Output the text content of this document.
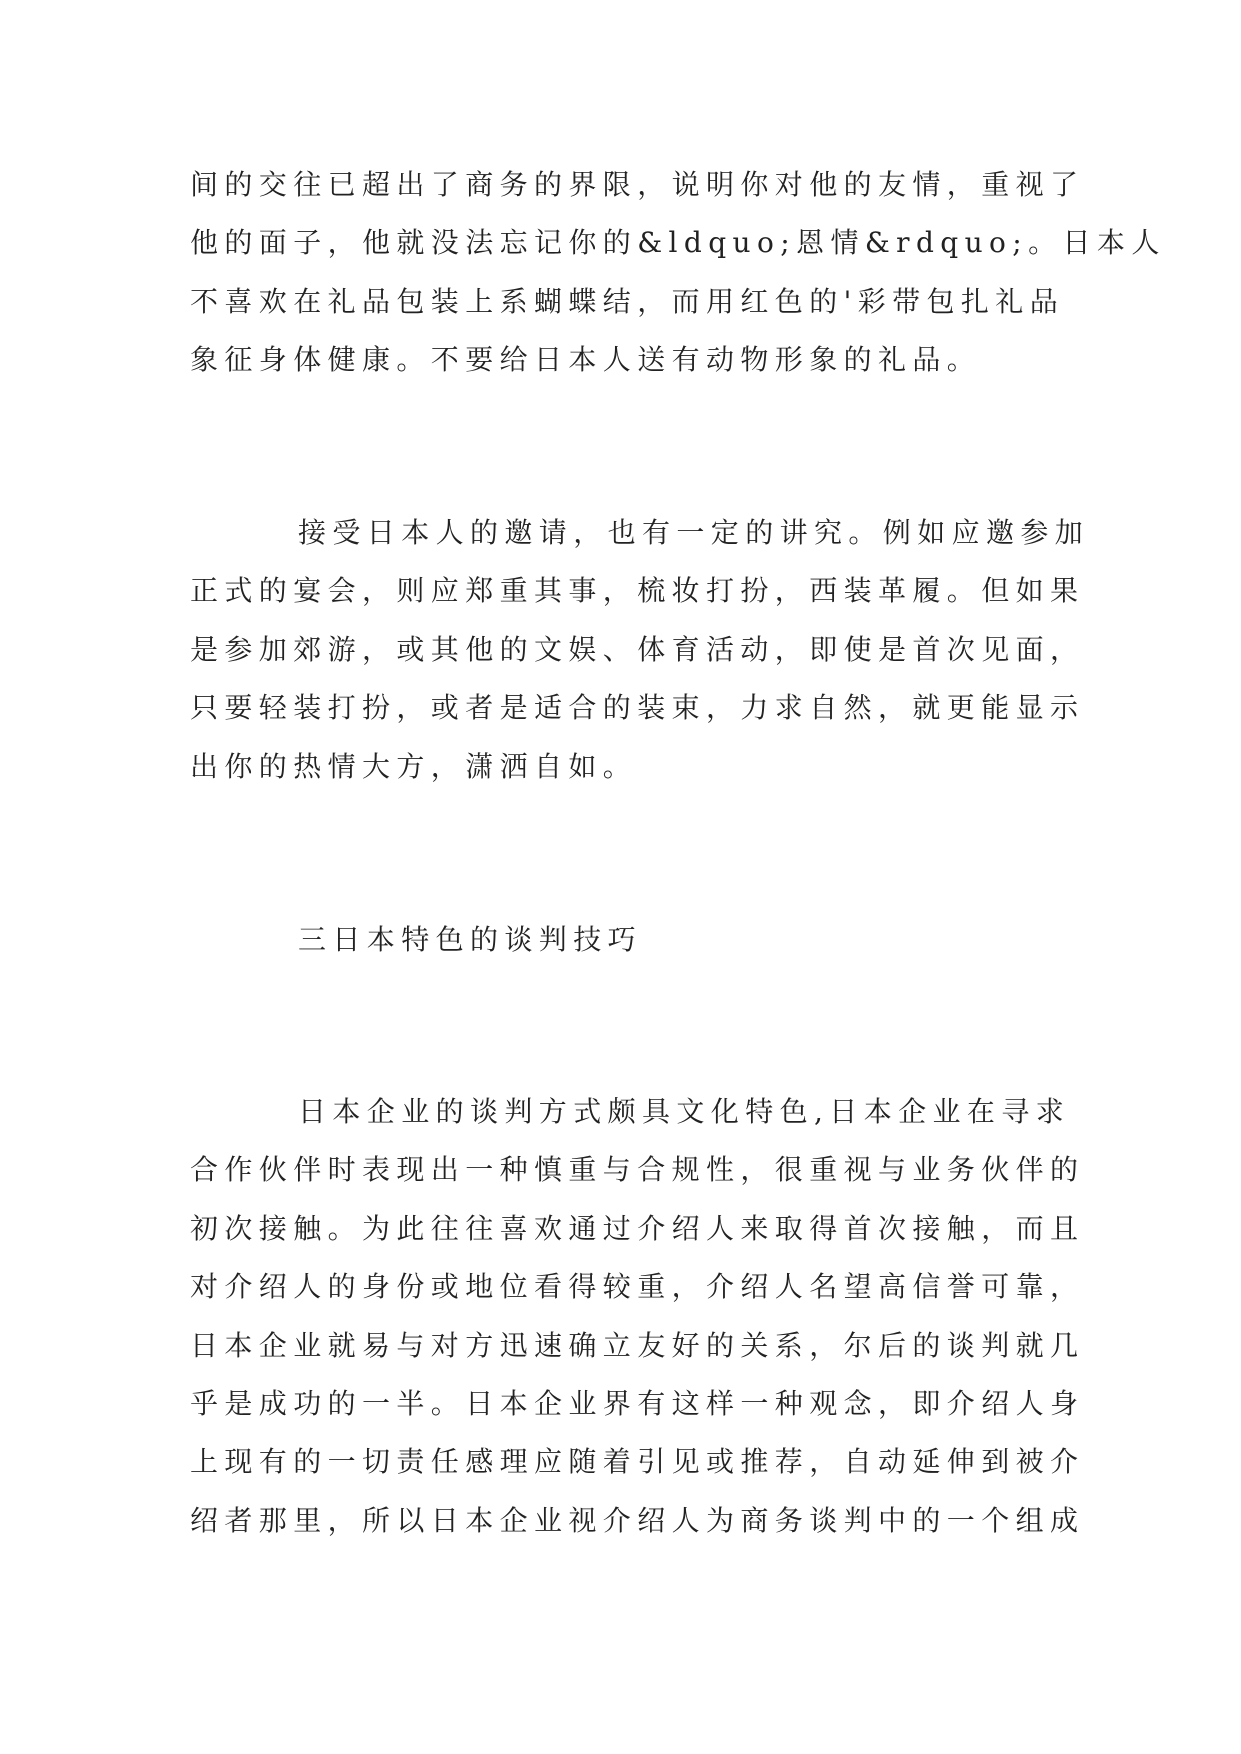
间的交往已超出了商务的界限，说明你对他的友情，重视了
他的面子，他就没法忘记你的&ldquo;恩情&rdquo;。日本人
不喜欢在礼品包装上系蝴蝶结，而用红色的'彩带包扎礼品
象征身体健康。不要给日本人送有动物形象的礼品。
接受日本人的邀请，也有一定的讲究。例如应邀参加
正式的宴会，则应郑重其事，梳妆打扮，西装革履。但如果
是参加郊游，或其他的文娱、体育活动，即使是首次见面，
只要轻装打扮，或者是适合的装束，力求自然，就更能显示
出你的热情大方，潇洒自如。
三日本特色的谈判技巧
日本企业的谈判方式颇具文化特色,日本企业在寻求
合作伙伴时表现出一种慎重与合规性，很重视与业务伙伴的
初次接触。为此往往喜欢通过介绍人来取得首次接触，而且
对介绍人的身份或地位看得较重，介绍人名望高信誉可靠，
日本企业就易与对方迅速确立友好的关系，尔后的谈判就几
乎是成功的一半。日本企业界有这样一种观念，即介绍人身
上现有的一切责任感理应随着引见或推荐，自动延伸到被介
绍者那里，所以日本企业视介绍人为商务谈判中的一个组成
